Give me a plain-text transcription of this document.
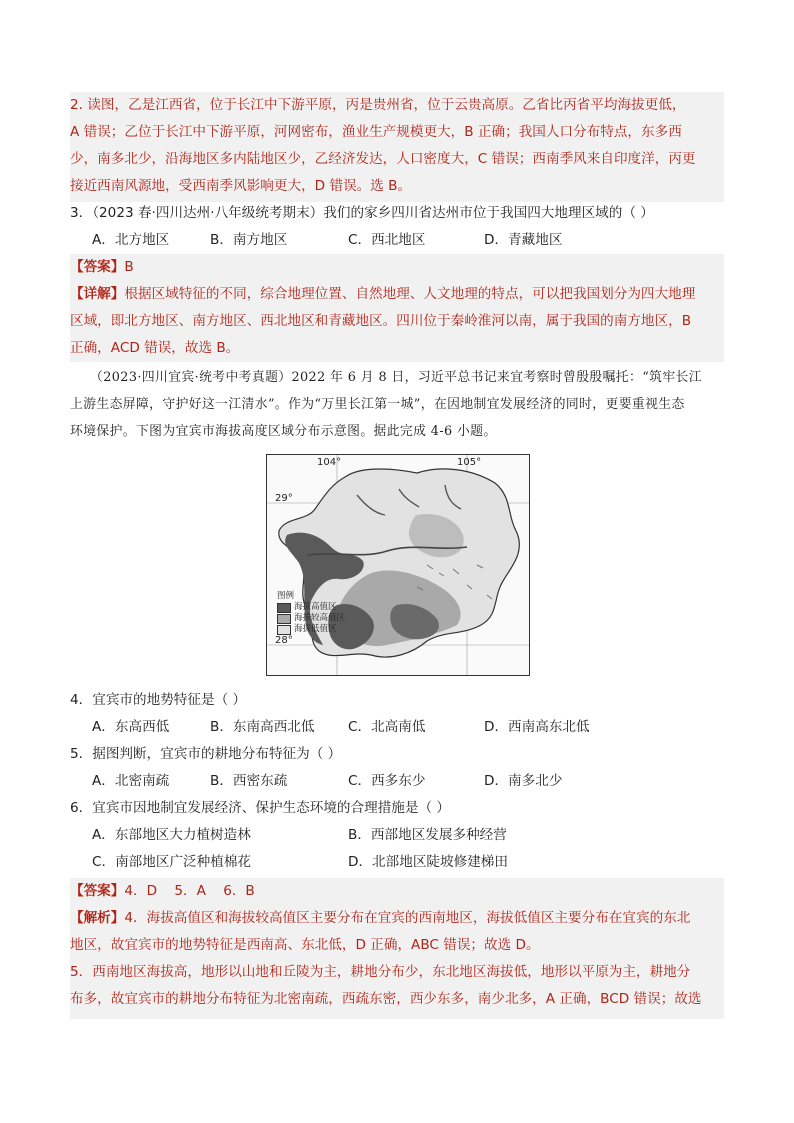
2. 读图，乙是江西省，位于长江中下游平原，丙是贵州省，位于云贵高原。乙省比丙省平均海拔更低，
A 错误；乙位于长江中下游平原，河网密布，渔业生产规模更大，B 正确；我国人口分布特点，东多西
少，南多北少，沿海地区多内陆地区少，乙经济发达，人口密度大，C 错误；西南季风来自印度洋，丙更
接近西南风源地，受西南季风影响更大，D 错误。选 B。
3．（2023 春·四川达州·八年级统考期末）我们的家乡四川省达州市位于我国四大地理区域的（ ）
A．北方地区	B．南方地区	C．西北地区	D．青藏地区
【答案】B
【详解】根据区域特征的不同，综合地理位置、自然地理、人文地理的特点，可以把我国划分为四大地理
区域，即北方地区、南方地区、西北地区和青藏地区。四川位于秦岭淮河以南，属于我国的南方地区，B
正确，ACD 错误，故选 B。
（2023·四川宜宾·统考中考真题）2022 年 6 月 8 日，习近平总书记来宜考察时曾殷殷嘱托：“筑牢长江
上游生态屏障，守护好这一江清水”。作为“万里长江第一城”，在因地制宜发展经济的同时，更要重视生态
环境保护。下图为宜宾市海拔高度区域分布示意图。据此完成 4-6 小题。
104°	105°
29°
28°
图例
海拔高值区
海拔较高值区
海拔低值区
4．宜宾市的地势特征是（ ）
A．东高西低	B．东南高西北低 C．北高南低	D．西南高东北低
5．据图判断，宜宾市的耕地分布特征为（ ）
A．北密南疏	B．西密东疏	C．西多东少	D．南多北少
6．宜宾市因地制宜发展经济、保护生态环境的合理措施是（ ）
A．东部地区大力植树造林	B．西部地区发展多种经营
C．南部地区广泛种植棉花	D．北部地区陡坡修建梯田
【答案】4．D    5．A    6．B
【解析】4．海拔高值区和海拔较高值区主要分布在宜宾的西南地区，海拔低值区主要分布在宜宾的东北
地区，故宜宾市的地势特征是西南高、东北低，D 正确，ABC 错误；故选 D。
5．西南地区海拔高，地形以山地和丘陵为主，耕地分布少，东北地区海拔低，地形以平原为主，耕地分
布多，故宜宾市的耕地分布特征为北密南疏，西疏东密，西少东多，南少北多，A 正确，BCD 错误；故选
